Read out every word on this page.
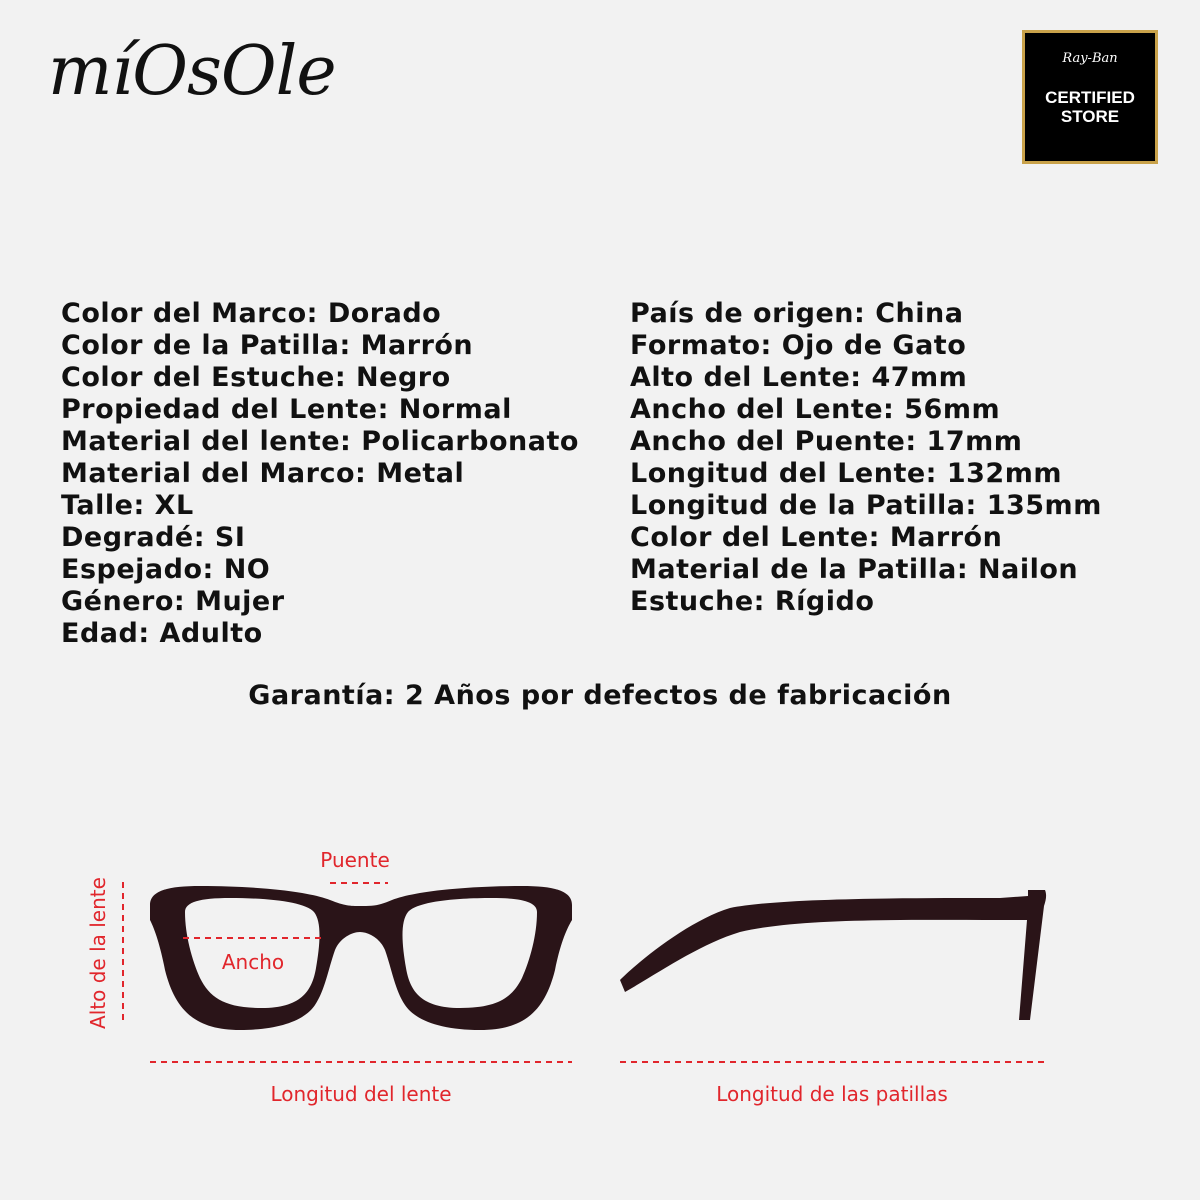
míOsOle	Ray-Ban
CERTIFIED STORE
Color del Marco: Dorado
Color de la Patilla: Marrón
Color del Estuche: Negro
Propiedad del Lente: Normal
Material del lente: Policarbonato
Material del Marco: Metal
Talle: XL
Degradé: SI
Espejado: NO
Género: Mujer
Edad: Adulto
País de origen: China
Formato: Ojo de Gato
Alto del Lente: 47mm
Ancho del Lente: 56mm
Ancho del Puente: 17mm
Longitud del Lente: 132mm
Longitud de la Patilla: 135mm
Color del Lente: Marrón
Material de la Patilla: Nailon
Estuche: Rígido
Garantía: 2 Años por defectos de fabricación
Puente
Ancho
Alto de la lente
Longitud del lente	Longitud de las patillas
